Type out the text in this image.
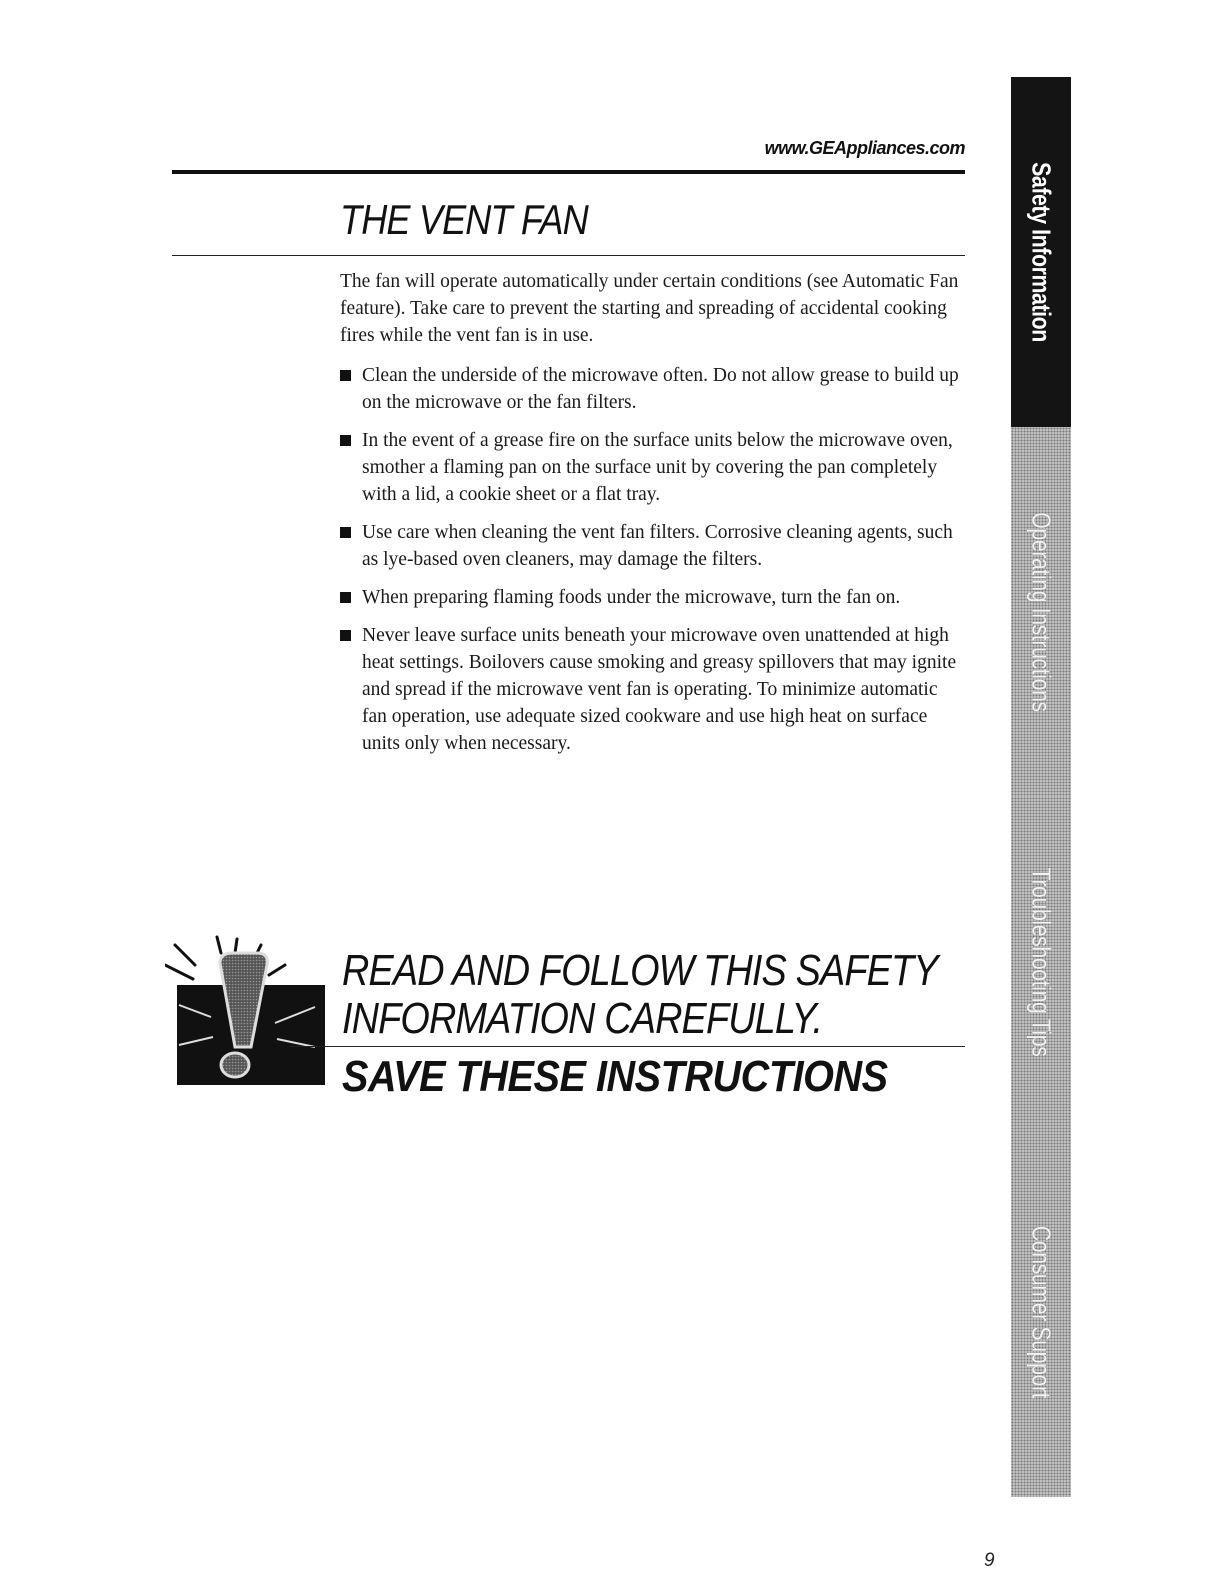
www.GEAppliances.com
THE VENT FAN

The fan will operate automatically under certain conditions (see Automatic Fan feature). Take care to prevent the starting and spreading of accidental cooking fires while the vent fan is in use.

Clean the underside of the microwave often. Do not allow grease to build up on the microwave or the fan filters.
In the event of a grease fire on the surface units below the microwave oven, smother a flaming pan on the surface unit by covering the pan completely with a lid, a cookie sheet or a flat tray.
Use care when cleaning the vent fan filters. Corrosive cleaning agents, such as lye-based oven cleaners, may damage the filters.
When preparing flaming foods under the microwave, turn the fan on.
Never leave surface units beneath your microwave oven unattended at high heat settings. Boilovers cause smoking and greasy spillovers that may ignite and spread if the microwave vent fan is operating. To minimize automatic fan operation, use adequate sized cookware and use high heat on surface units only when necessary.
READ AND FOLLOW THIS SAFETY
INFORMATION CAREFULLY.
SAVE THESE INSTRUCTIONS
9
Safety Information
Operating Instructions
Troubleshooting Tips
Consumer Support
